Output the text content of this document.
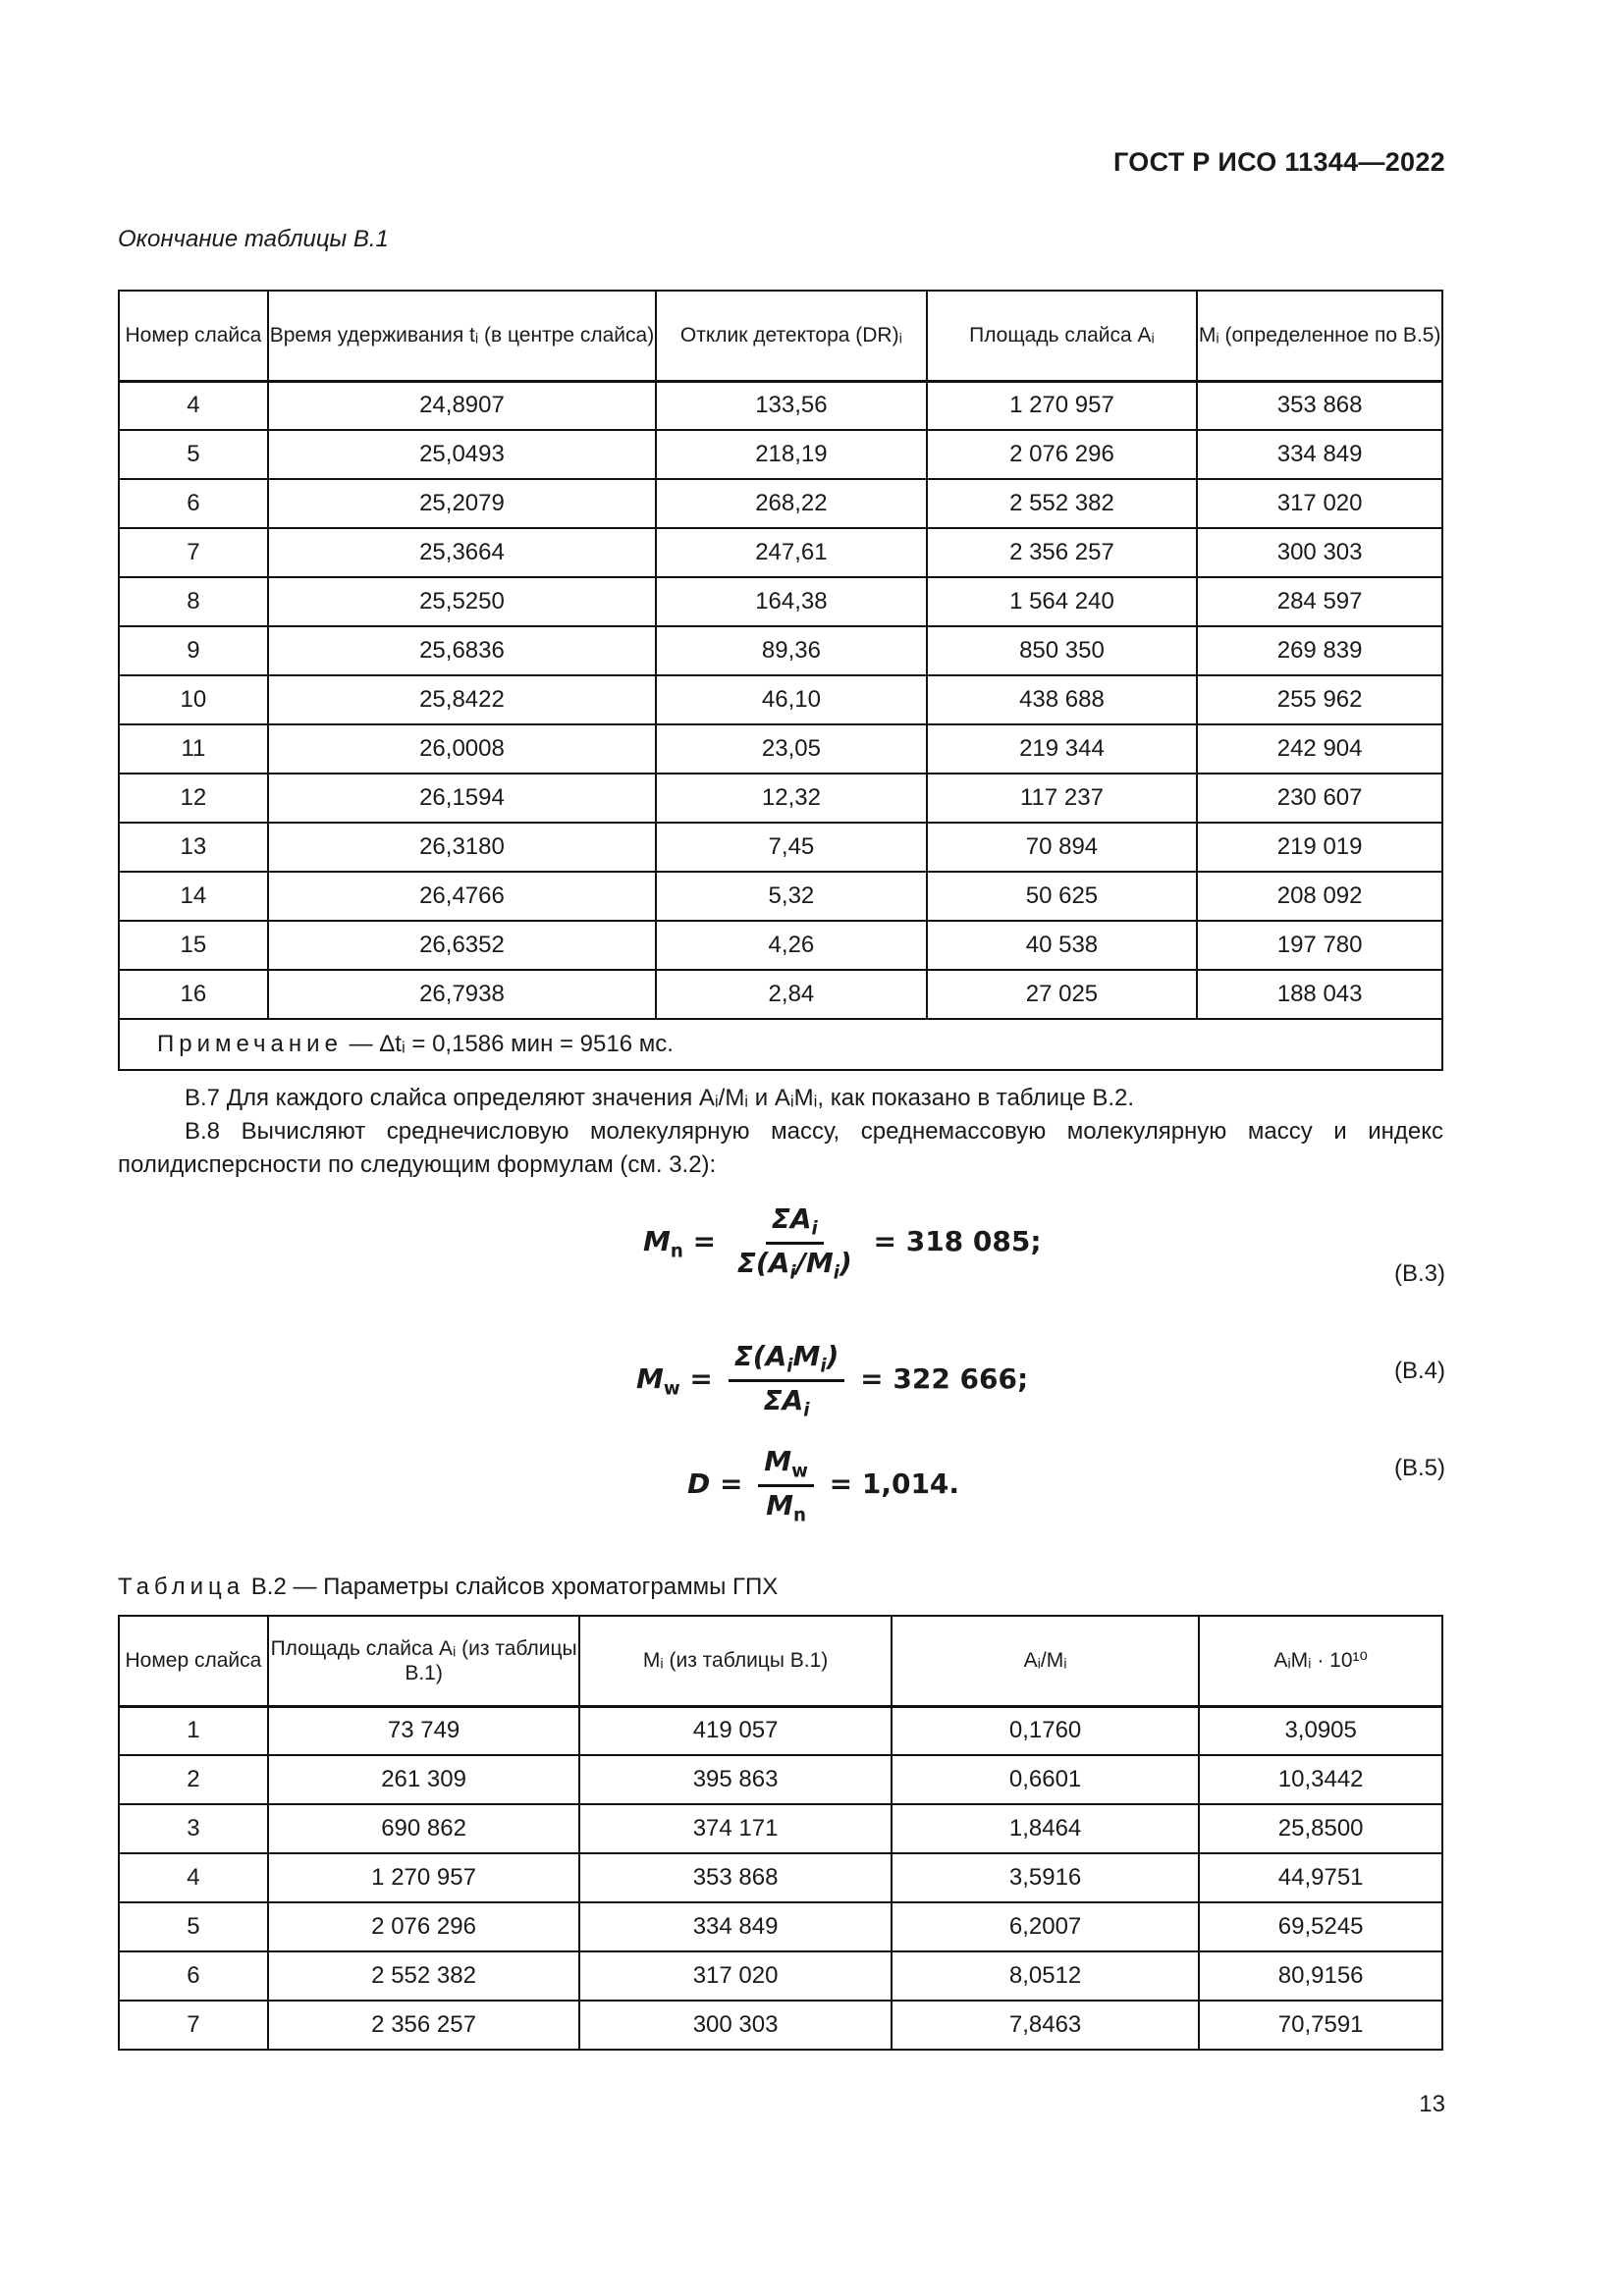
ГОСТ Р ИСО 11344—2022
Окончание таблицы В.1
Номер слайса	Время удерживания tᵢ (в центре слайса)	Отклик детектора (DR)ᵢ	Площадь слайса Aᵢ	Mᵢ (определенное по В.5)
4	24,8907	133,56	1 270 957	353 868
5	25,0493	218,19	2 076 296	334 849
6	25,2079	268,22	2 552 382	317 020
7	25,3664	247,61	2 356 257	300 303
8	25,5250	164,38	1 564 240	284 597
9	25,6836	89,36	850 350	269 839
10	25,8422	46,10	438 688	255 962
11	26,0008	23,05	219 344	242 904
12	26,1594	12,32	117 237	230 607
13	26,3180	7,45	70 894	219 019
14	26,4766	5,32	50 625	208 092
15	26,6352	4,26	40 538	197 780
16	26,7938	2,84	27 025	188 043
Примечание — Δtᵢ = 0,1586 мин = 9516 мс.				
В.7 Для каждого слайса определяют значения Aᵢ/Mᵢ и AᵢMᵢ, как показано в таблице В.2.
В.8 Вычисляют среднечисловую молекулярную массу, среднемассовую молекулярную массу и индекс полидисперсности по следующим формулам (см. 3.2):
$M_n = \frac{\Sigma A_i}{\Sigma(A_i/M_i)} = 318$ 085;
(B.3)
$M_w = \frac{\Sigma(A_iM_i)}{\Sigma A_i} = 322$ 666;	(B.4)
$D = \frac{M_w}{M_n} = 1,014$.	(B.5)
Таблица В.2 — Параметры слайсов хроматограммы ГПХ
Номер слайса	Площадь слайса Aᵢ (из таблицы В.1)	Mᵢ (из таблицы В.1)	Aᵢ/Mᵢ	AᵢMᵢ · 10¹⁰
1	73 749	419 057	0,1760	3,0905
2	261 309	395 863	0,6601	10,3442
3	690 862	374 171	1,8464	25,8500
4	1 270 957	353 868	3,5916	44,9751
5	2 076 296	334 849	6,2007	69,5245
6	2 552 382	317 020	8,0512	80,9156
7	2 356 257	300 303	7,8463	70,7591
13
